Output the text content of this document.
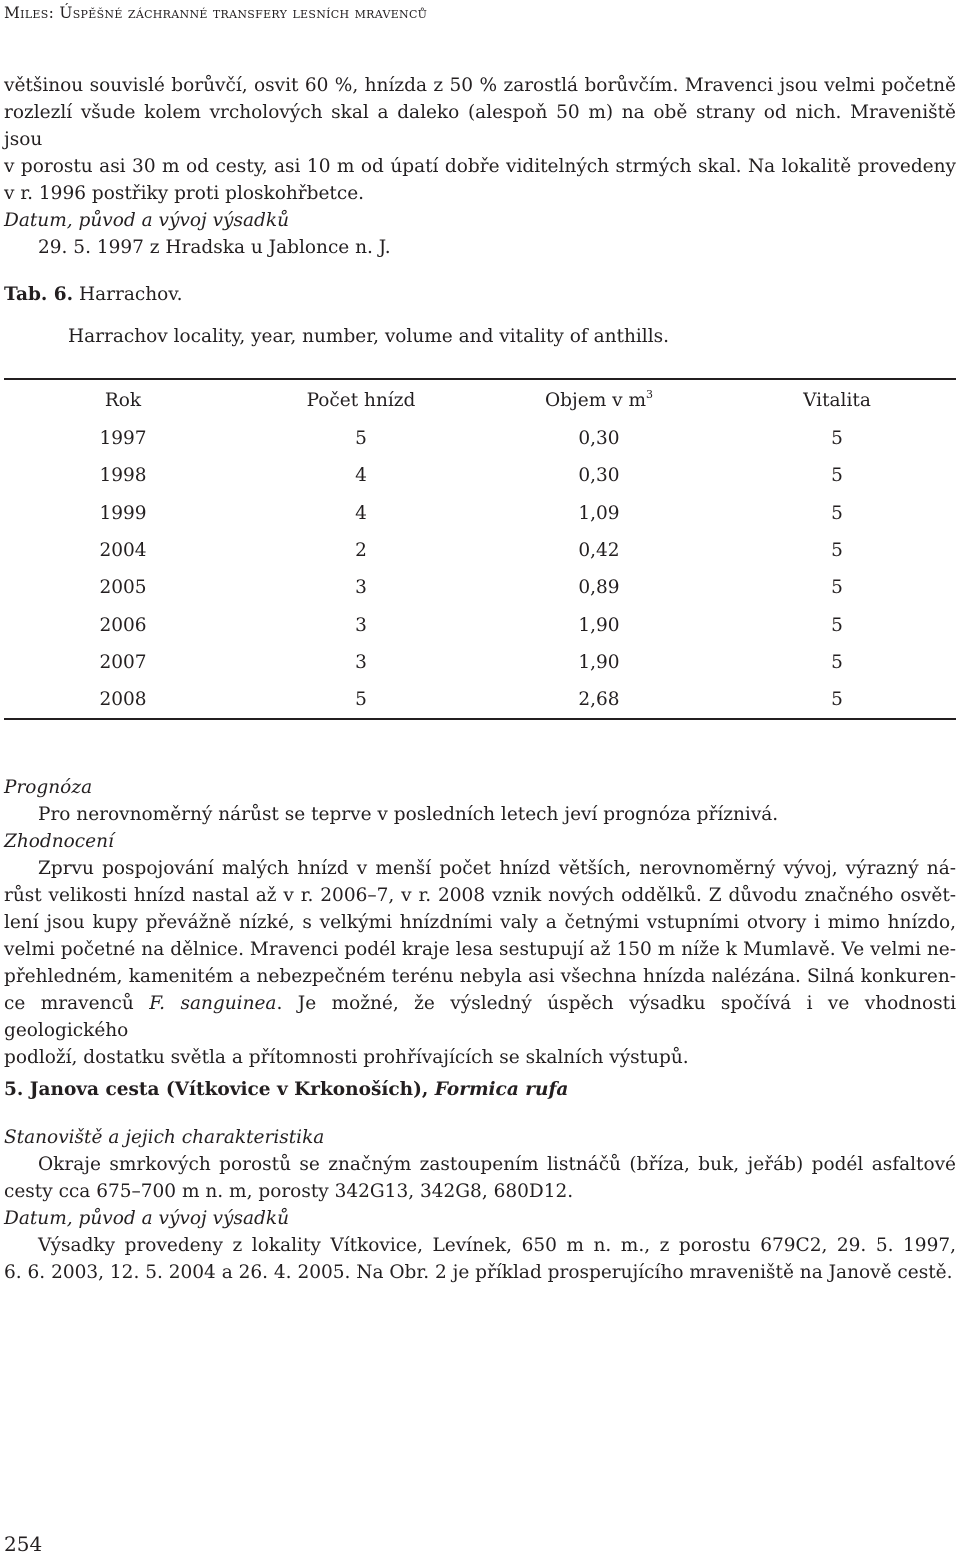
Miles: Úspěšné záchranné transfery lesních mravenců
většinou souvislé borůvčí, osvit 60 %, hnízda z 50 % zarostlá borůvčím. Mravenci jsou velmi početně
rozlezlí všude kolem vrcholových skal a daleko (alespoň 50 m) na obě strany od nich. Mraveniště jsou
v porostu asi 30 m od cesty, asi 10 m od úpatí dobře viditelných strmých skal. Na lokalitě provedeny
v r. 1996 postřiky proti ploskohřbetce.
Datum, původ a vývoj výsadků
29. 5. 1997 z Hradska u Jablonce n. J.
Tab. 6. Harrachov.
Harrachov locality, year, number, volume and vitality of anthills.
Rok	Počet hnízd	Objem v $m^3$	Vitalita
1997	5	0,30	5
1998	4	0,30	5
1999	4	1,09	5
2004	2	0,42	5
2005	3	0,89	5
2006	3	1,90	5
2007	3	1,90	5
2008	5	2,68	5
Prognóza
Pro nerovnoměrný nárůst se teprve v posledních letech jeví prognóza příznivá.
Zhodnocení
Zprvu pospojování malých hnízd v menší počet hnízd větších, nerovnoměrný vývoj, výrazný ná-
růst velikosti hnízd nastal až v r. 2006–7, v r. 2008 vznik nových oddělků. Z důvodu značného osvět-
lení jsou kupy převážně nízké, s velkými hnízdními valy a četnými vstupními otvory i mimo hnízdo,
velmi početné na dělnice. Mravenci podél kraje lesa sestupují až 150 m níže k Mumlavě. Ve velmi ne-
přehledném, kamenitém a nebezpečném terénu nebyla asi všechna hnízda nalézána. Silná konkuren-
ce mravenců F. sanguinea. Je možné, že výsledný úspěch výsadku spočívá i ve vhodnosti geologického
podloží, dostatku světla a přítomnosti prohřívajících se skalních výstupů.
5. Janova cesta (Vítkovice v Krkonoších), Formica rufa
Stanoviště a jejich charakteristika
Okraje smrkových porostů se značným zastoupením listnáčů (bříza, buk, jeřáb) podél asfaltové
cesty cca 675–700 m n. m, porosty 342G13, 342G8, 680D12.
Datum, původ a vývoj výsadků
Výsadky provedeny z lokality Vítkovice, Levínek, 650 m n. m., z porostu 679C2, 29. 5. 1997,
6. 6. 2003, 12. 5. 2004 a 26. 4. 2005. Na Obr. 2 je příklad prosperujícího mraveniště na Janově cestě.
254
